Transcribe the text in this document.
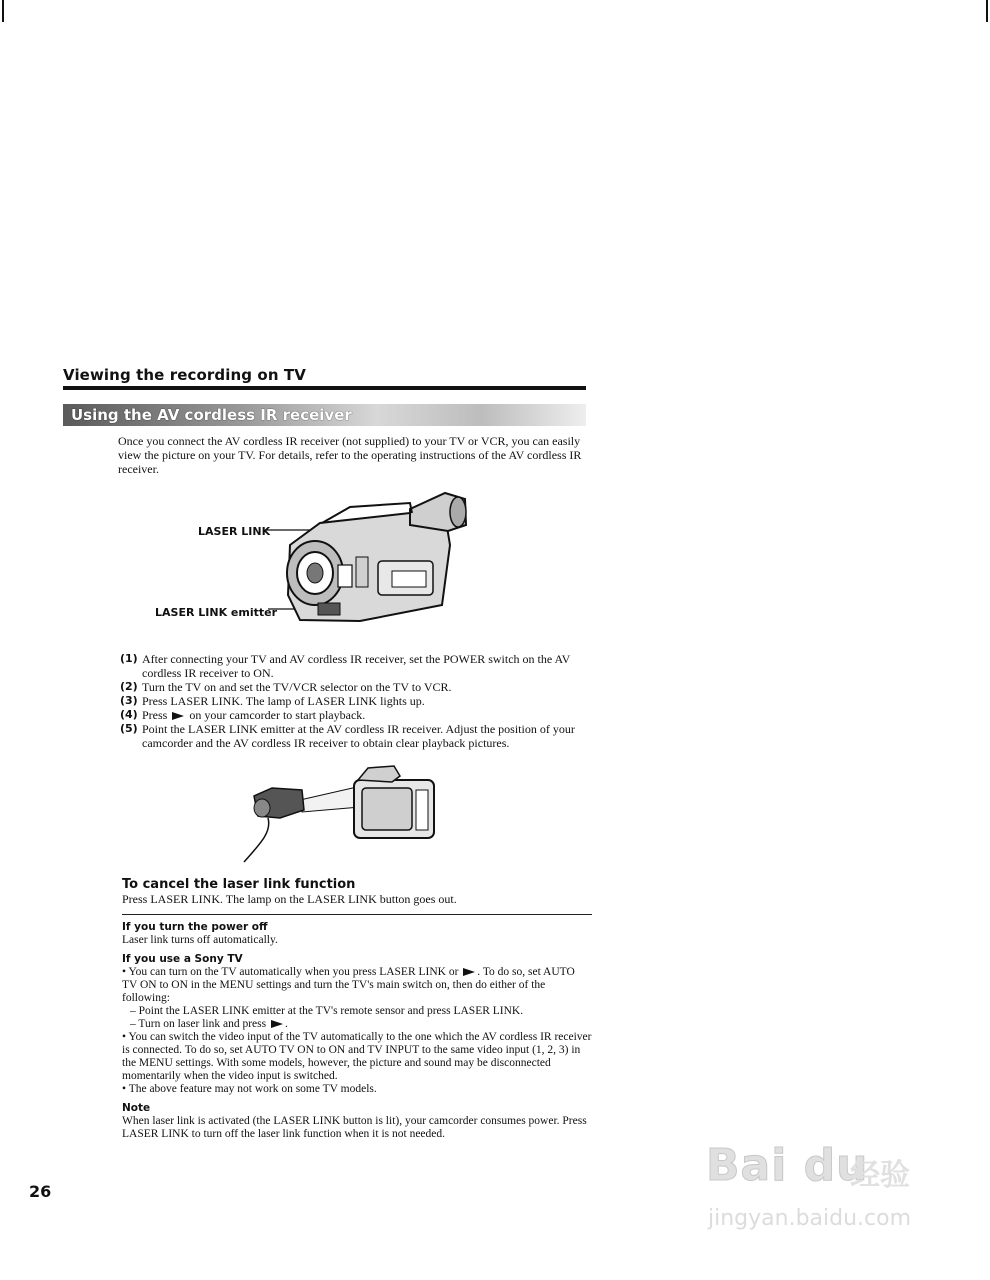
Viewing the recording on TV
Using the AV cordless IR receiver
Once you connect the AV cordless IR receiver (not supplied) to your TV or VCR, you can easily view the picture on your TV. For details, refer to the operating instructions of the AV cordless IR receiver.
LASER LINK
LASER LINK emitter
(1) After connecting your TV and AV cordless IR receiver, set the POWER switch on the AV cordless IR receiver to ON.
(2) Turn the TV on and set the TV/VCR selector on the TV to VCR.
(3) Press LASER LINK. The lamp of LASER LINK lights up.
(4) Press on your camcorder to start playback.
(5) Point the LASER LINK emitter at the AV cordless IR receiver. Adjust the position of your camcorder and the AV cordless IR receiver to obtain clear playback pictures.
To cancel the laser link function
Press LASER LINK. The lamp on the LASER LINK button goes out.

If you turn the power off

Laser link turns off automatically.

If you use a Sony TV

• You can turn on the TV automatically when you press LASER LINK or . To do so, set AUTO TV ON to ON in the MENU settings and turn the TV's main switch on, then do either of the following:

– Point the LASER LINK emitter at the TV's remote sensor and press LASER LINK.

– Turn on laser link and press .

• You can switch the video input of the TV automatically to the one which the AV cordless IR receiver is connected. To do so, set AUTO TV ON to ON and TV INPUT to the same video input (1, 2, 3) in the MENU settings. With some models, however, the picture and sound may be disconnected momentarily when the video input is switched.

• The above feature may not work on some TV models.

Note

When laser link is activated (the LASER LINK button is lit), your camcorder consumes power. Press LASER LINK to turn off the laser link function when it is not needed.

26
Bai du
经验
jingyan.baidu.com
